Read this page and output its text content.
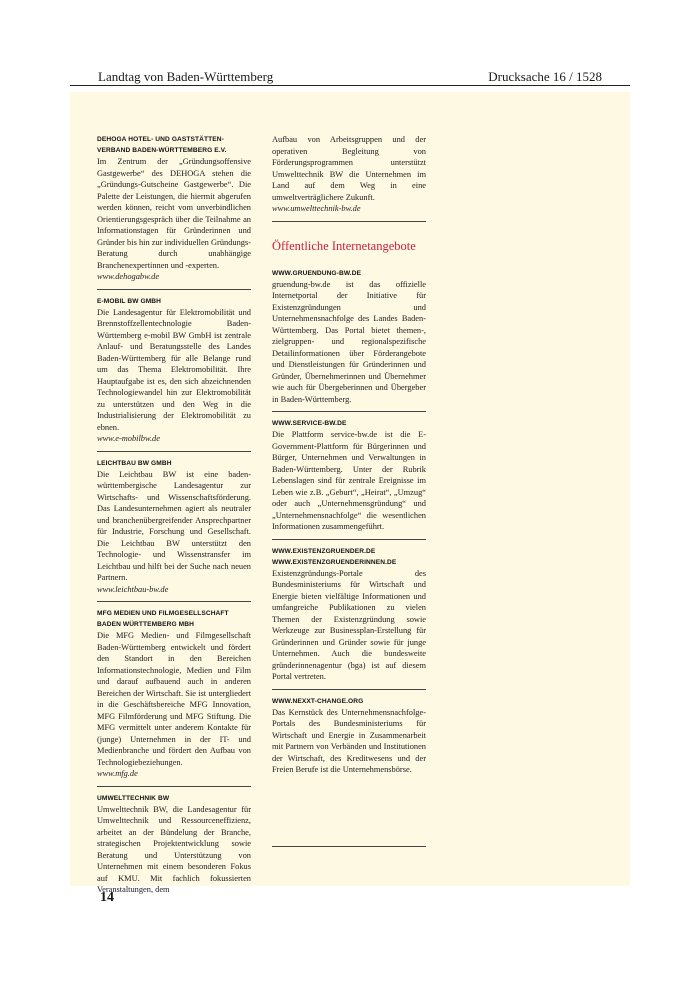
Landtag von Baden-Württemberg	Drucksache 16 / 1528
DEHOGA HOTEL- UND GASTSTÄTTEN-
VERBAND BADEN-WÜRTTEMBERG E.V.
Im Zentrum der „Gründungsoffensive Gastgewerbe“ des DEHOGA stehen die „Gründungs-Gutscheine Gastgewerbe“. Die Palette der Leistungen, die hiermit abgerufen werden können, reicht vom unverbindlichen Orientierungsgespräch über die Teilnahme an Informationstagen für Gründerinnen und Gründer bis hin zur individuellen Gründungs-Beratung durch unabhängige Branchenexpertinnen und -experten.
www.dehogabw.de
E-MOBIL BW GMBH
Die Landesagentur für Elektromobilität und Brennstoffzellentechnologie Baden-Württemberg e-mobil BW GmbH ist zentrale Anlauf- und Beratungsstelle des Landes Baden-Württemberg für alle Belange rund um das Thema Elektromobilität. Ihre Hauptaufgabe ist es, den sich abzeichnenden Technologiewandel hin zur Elektromobilität zu unterstützen und den Weg in die Industrialisierung der Elektromobilität zu ebnen.
www.e-mobilbw.de
LEICHTBAU BW GMBH
Die Leichtbau BW ist eine baden-württembergische Landesagentur zur Wirtschafts- und Wissenschaftsförderung. Das Landesunternehmen agiert als neutraler und branchenübergreifender Ansprechpartner für Industrie, Forschung und Gesellschaft. Die Leichtbau BW unterstützt den Technologie- und Wissenstransfer im Leichtbau und hilft bei der Suche nach neuen Partnern.
www.leichtbau-bw.de
MFG MEDIEN UND FILMGESELLSCHAFT
BADEN WÜRTTEMBERG MBH
Die MFG Medien- und Filmgesellschaft Baden-Württemberg entwickelt und fördert den Standort in den Bereichen Informationstechnologie, Medien und Film und darauf aufbauend auch in anderen Bereichen der Wirtschaft. Sie ist untergliedert in die Geschäftsbereiche MFG Innovation, MFG Filmförderung und MFG Stiftung. Die MFG vermittelt unter anderem Kontakte für (junge) Unternehmen in der IT- und Medienbranche und fördert den Aufbau von Technologiebeziehungen.
www.mfg.de
UMWELTTECHNIK BW
Umwelttechnik BW, die Landesagentur für Umwelttechnik und Ressourceneffizienz, arbeitet an der Bündelung der Branche, strategischen Projektentwicklung sowie Beratung und Unterstützung von Unternehmen mit einem besonderen Fokus auf KMU. Mit fachlich fokussierten Veranstaltungen, dem
Aufbau von Arbeitsgruppen und der operativen Begleitung von Förderungsprogrammen unterstützt Umwelttechnik BW die Unternehmen im Land auf dem Weg in eine umweltverträglichere Zukunft.
www.umwelttechnik-bw.de
Öffentliche Internetangebote
WWW.GRUENDUNG-BW.DE
gruendung-bw.de ist das offizielle Internetportal der Initiative für Existenzgründungen und Unternehmensnachfolge des Landes Baden-Württemberg. Das Portal bietet themen-, zielgruppen- und regionalspezifische Detailinformationen über Förderangebote und Dienstleistungen für Gründerinnen und Gründer, Übernehmerinnen und Übernehmer wie auch für Übergeberinnen und Übergeber in Baden-Württemberg.
WWW.SERVICE-BW.DE
Die Plattform service-bw.de ist die E-Government-Plattform für Bürgerinnen und Bürger, Unternehmen und Verwaltungen in Baden-Württemberg. Unter der Rubrik Lebenslagen sind für zentrale Ereignisse im Leben wie z.B. „Geburt“, „Heirat“, „Umzug“ oder auch „Unternehmensgründung“ und „Unternehmensnachfolge“ die wesentlichen Informationen zusammengeführt.
WWW.EXISTENZGRUENDER.DE
WWW.EXISTENZGRUENDERINNEN.DE
Existenzgründungs-Portale des Bundesministeriums für Wirtschaft und Energie bieten vielfältige Informationen und umfangreiche Publikationen zu vielen Themen der Existenzgründung sowie Werkzeuge zur Businessplan-Erstellung für Gründerinnen und Gründer sowie für junge Unternehmen. Auch die bundesweite gründerinnenagentur (bga) ist auf diesem Portal vertreten.
WWW.NEXXT-CHANGE.ORG
Das Kernstück des Unternehmensnachfolge-Portals des Bundesministeriums für Wirtschaft und Energie in Zusammenarbeit mit Partnern von Verbänden und Institutionen der Wirtschaft, des Kreditwesens und der Freien Berufe ist die Unternehmensbörse.
14
